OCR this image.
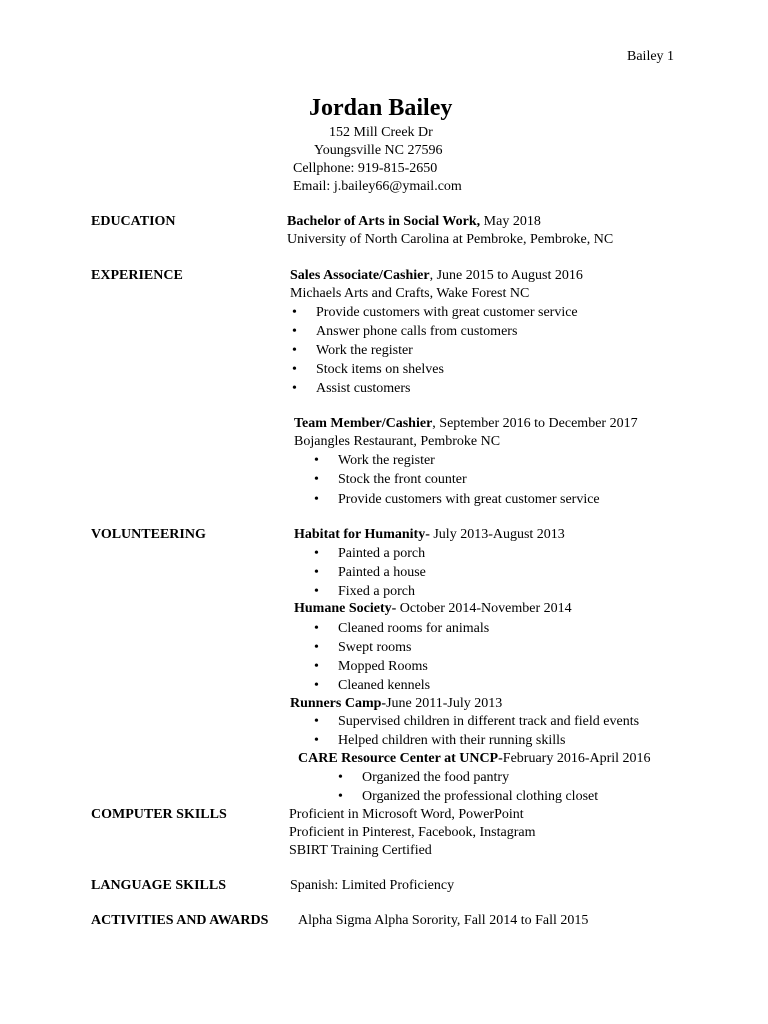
Bailey 1
Jordan Bailey
152 Mill Creek Dr
Youngsville NC 27596
Cellphone: 919-815-2650
Email: j.bailey66@ymail.com
EDUCATION	Bachelor of Arts in Social Work, May 2018
University of North Carolina at Pembroke, Pembroke, NC
EXPERIENCE	Sales Associate/Cashier, June 2015 to August 2016
Michaels Arts and Crafts, Wake Forest NC
• Provide customers with great customer service
• Answer phone calls from customers
• Work the register
• Stock items on shelves
• Assist customers
Team Member/Cashier, September 2016 to December 2017
Bojangles Restaurant, Pembroke NC
• Work the register
• Stock the front counter
• Provide customers with great customer service
VOLUNTEERING	Habitat for Humanity- July 2013-August 2013
• Painted a porch
• Painted a house
• Fixed a porch
Humane Society- October 2014-November 2014
• Cleaned rooms for animals
• Swept rooms
• Mopped Rooms
• Cleaned kennels
Runners Camp-June 2011-July 2013
• Supervised children in different track and field events
• Helped children with their running skills
CARE Resource Center at UNCP-February 2016-April 2016
• Organized the food pantry
• Organized the professional clothing closet
COMPUTER SKILLS	Proficient in Microsoft Word, PowerPoint
Proficient in Pinterest, Facebook, Instagram
SBIRT Training Certified
LANGUAGE SKILLS	Spanish: Limited Proficiency
ACTIVITIES AND AWARDS Alpha Sigma Alpha Sorority, Fall 2014 to Fall 2015
